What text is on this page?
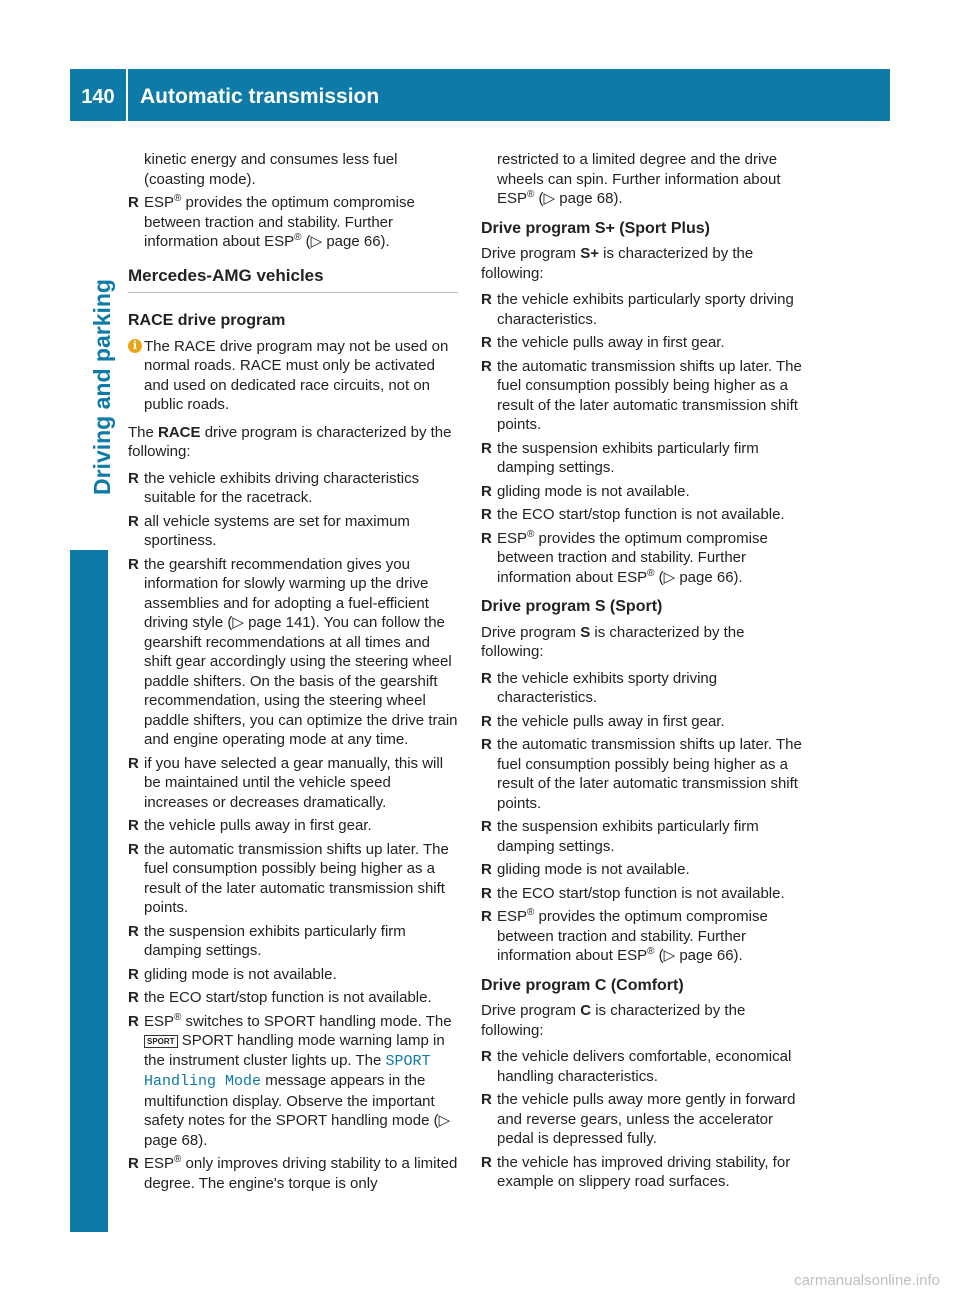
140	Automatic transmission
Driving and parking

kinetic energy and consumes less fuel
(coasting mode).

R ESP® provides the optimum compromise between traction and stability. Further information about ESP® (▷ page 66).
Mercedes-AMG vehicles
RACE drive program
i The RACE drive program may not be used on normal roads. RACE must only be activated and used on dedicated race circuits, not on public roads.

The RACE drive program is characterized by the following:

R the vehicle exhibits driving characteristics suitable for the racetrack.
R all vehicle systems are set for maximum sportiness.
R the gearshift recommendation gives you information for slowly warming up the drive assemblies and for adopting a fuel-efficient driving style (▷ page 141). You can follow the gearshift recommendations at all times and shift gear accordingly using the steering wheel paddle shifters. On the basis of the gearshift recommendation, using the steering wheel paddle shifters, you can optimize the drive train and engine operating mode at any time.
R if you have selected a gear manually, this will be maintained until the vehicle speed increases or decreases dramatically.
R the vehicle pulls away in first gear.
R the automatic transmission shifts up later. The fuel consumption possibly being higher as a result of the later automatic transmission shift points.
R the suspension exhibits particularly firm damping settings.
R gliding mode is not available.
R the ECO start/stop function is not available.
R ESP® switches to SPORT handling mode. The SPORT SPORT handling mode warning lamp in the instrument cluster lights up. The SPORT Handling Mode message appears in the multifunction display. Observe the important safety notes for the SPORT handling mode (▷ page 68).
R ESP® only improves driving stability to a limited degree. The engine's torque is only

restricted to a limited degree and the drive wheels can spin. Further information about ESP® (▷ page 68).

Drive program S+ (Sport Plus)

Drive program S+ is characterized by the following:

R the vehicle exhibits particularly sporty driving characteristics.
R the vehicle pulls away in first gear.
R the automatic transmission shifts up later. The fuel consumption possibly being higher as a result of the later automatic transmission shift points.
R the suspension exhibits particularly firm damping settings.
R gliding mode is not available.
R the ECO start/stop function is not available.
R ESP® provides the optimum compromise between traction and stability. Further information about ESP® (▷ page 66).
Drive program S (Sport)

Drive program S is characterized by the following:

R the vehicle exhibits sporty driving characteristics.
R the vehicle pulls away in first gear.
R the automatic transmission shifts up later. The fuel consumption possibly being higher as a result of the later automatic transmission shift points.
R the suspension exhibits particularly firm damping settings.
R gliding mode is not available.
R the ECO start/stop function is not available.
R ESP® provides the optimum compromise between traction and stability. Further information about ESP® (▷ page 66).
Drive program C (Comfort)

Drive program C is characterized by the following:

R the vehicle delivers comfortable, economical handling characteristics.
R the vehicle pulls away more gently in forward and reverse gears, unless the accelerator pedal is depressed fully.
R the vehicle has improved driving stability, for example on slippery road surfaces.
carmanualsonline.info
